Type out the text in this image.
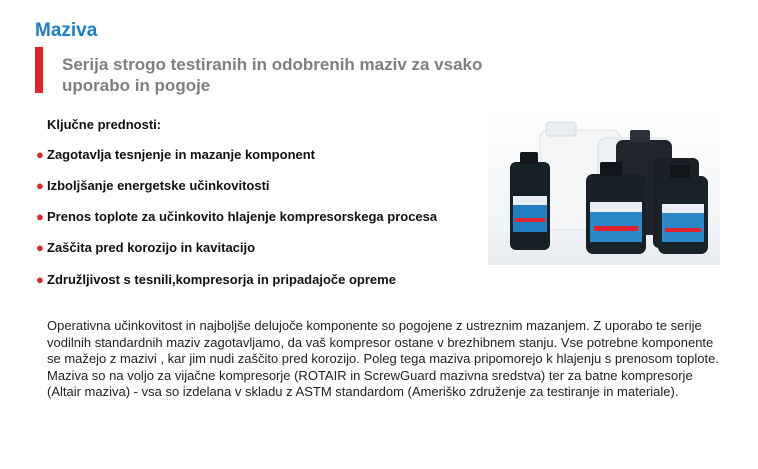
Maziva
Serija strogo testiranih in odobrenih maziv za vsako uporabo in pogoje
Ključne prednosti:
● Zagotavlja tesnjenje in mazanje komponent
● Izboljšanje energetske učinkovitosti
● Prenos toplote za učinkovito hlajenje kompresorskega procesa
● Zaščita pred korozijo in kavitacijo
● Združljivost s tesnili,kompresorja in pripadajoče opreme

Operativna učinkovitost in najboljše delujoče komponente so pogojene z ustreznim mazanjem. Z uporabo te serije vodilnih standardnih maziv zagotavljamo, da vaš kompresor ostane v brezhibnem stanju. Vse potrebne komponente se mažejo z mazivi , kar jim nudi zaščito pred korozijo. Poleg tega maziva pripomorejo k hlajenju s prenosom toplote. Maziva so na voljo za vijačne kompresorje (ROTAIR in ScrewGuard mazivna sredstva) ter za batne kompresorje (Altair maziva) - vsa so izdelana v skladu z ASTM standardom (Ameriško združenje za testiranje in materiale).
